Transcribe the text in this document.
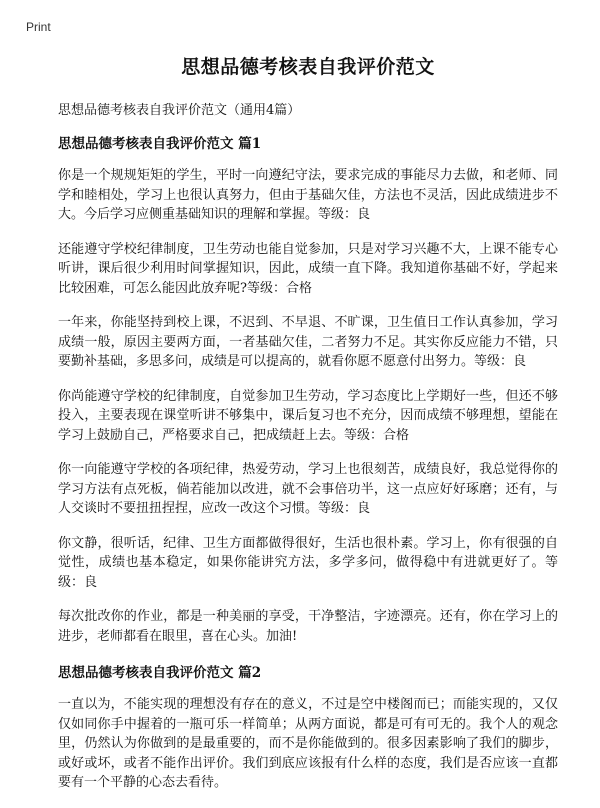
Print
思想品德考核表自我评价范文
思想品德考核表自我评价范文（通用4篇）
思想品德考核表自我评价范文 篇1

你是一个规规矩矩的学生，平时一向遵纪守法，要求完成的事能尽力去做，和老师、同学和睦相处，学习上也很认真努力，但由于基础欠佳，方法也不灵活，因此成绩进步不大。今后学习应侧重基础知识的理解和掌握。等级：良

还能遵守学校纪律制度，卫生劳动也能自觉参加，只是对学习兴趣不大，上课不能专心听讲，课后很少利用时间掌握知识，因此，成绩一直下降。我知道你基础不好，学起来比较困难，可怎么能因此放弃呢?等级：合格

一年来，你能坚持到校上课，不迟到、不早退、不旷课，卫生值日工作认真参加，学习成绩一般，原因主要两方面，一者基础欠佳，二者努力不足。其实你反应能力不错，只要勤补基础，多思多问，成绩是可以提高的，就看你愿不愿意付出努力。等级：良

你尚能遵守学校的纪律制度，自觉参加卫生劳动，学习态度比上学期好一些，但还不够投入，主要表现在课堂听讲不够集中，课后复习也不充分，因而成绩不够理想，望能在学习上鼓励自己，严格要求自己，把成绩赶上去。等级：合格

你一向能遵守学校的各项纪律，热爱劳动，学习上也很刻苦，成绩良好，我总觉得你的学习方法有点死板，倘若能加以改进，就不会事倍功半，这一点应好好琢磨；还有，与人交谈时不要扭扭捏捏，应改一改这个习惯。等级：良

你文静，很听话，纪律、卫生方面都做得很好，生活也很朴素。学习上，你有很强的自觉性，成绩也基本稳定，如果你能讲究方法，多学多问，做得稳中有进就更好了。等级：良

每次批改你的作业，都是一种美丽的享受，干净整洁，字迹漂亮。还有，你在学习上的进步，老师都看在眼里，喜在心头。加油!

思想品德考核表自我评价范文 篇2

一直以为，不能实现的理想没有存在的意义，不过是空中楼阁而已；而能实现的，又仅仅如同你手中握着的一瓶可乐一样简单；从两方面说，都是可有可无的。我个人的观念里，仍然认为你做到的是最重要的，而不是你能做到的。很多因素影响了我们的脚步，或好或坏，或者不能作出评价。我们到底应该报有什么样的态度，我们是否应该一直都要有一个平静的心态去看待。
